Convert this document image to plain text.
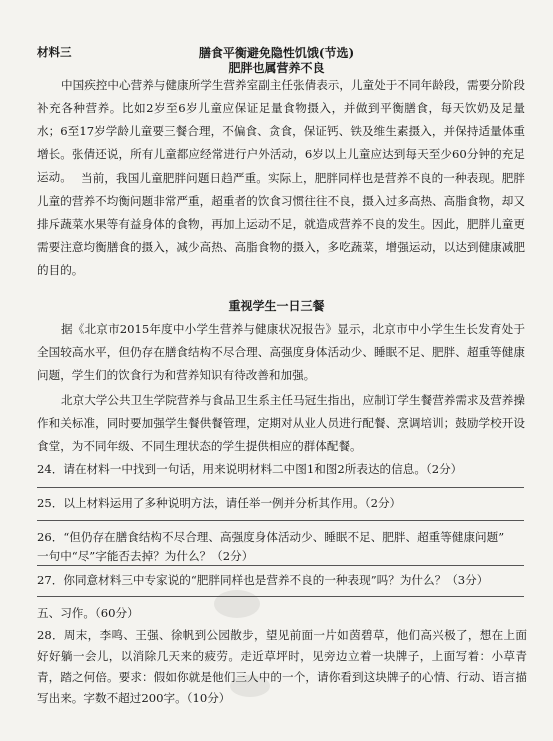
材料三	膳食平衡避免隐性饥饿(节选)
肥胖也属营养不良
中国疾控中心营养与健康所学生营养室副主任张倩表示，儿童处于不同年龄段，需要分阶段补充各种营养。比如2岁至6岁儿童应保证足量食物摄入，并做到平衡膳食，每天饮奶及足量水；6至17岁学龄儿童要三餐合理，不偏食、贪食，保证钙、铁及维生素摄入，并保持适量体重增长。张倩还说，所有儿童都应经常进行户外活动，6岁以上儿童应达到每天至少60分钟的充足运动。 当前，我国儿童肥胖问题日趋严重。实际上，肥胖同样也是营养不良的一种表现。肥胖儿童的营养不均衡问题非常严重，超重者的饮食习惯往往不良，摄入过多高热、高脂食物，却又排斥蔬菜水果等有益身体的食物，再加上运动不足，就造成营养不良的发生。因此，肥胖儿童更需要注意均衡膳食的摄入，减少高热、高脂食物的摄入，多吃蔬菜，增强运动，以达到健康减肥的目的。
重视学生一日三餐
据《北京市2015年度中小学生营养与健康状况报告》显示，北京市中小学生生长发育处于全国较高水平，但仍存在膳食结构不尽合理、高强度身体活动少、睡眠不足、肥胖、超重等健康问题，学生们的饮食行为和营养知识有待改善和加强。
北京大学公共卫生学院营养与食品卫生系主任马冠生指出，应制订学生餐营养需求及营养操作和关标准，同时要加强学生餐供餐管理，定期对从业人员进行配餐、烹调培训；鼓励学校开设食堂，为不同年级、不同生理状态的学生提供相应的群体配餐。
24．请在材料一中找到一句话，用来说明材料二中图1和图2所表达的信息。（2分）
25．以上材料运用了多种说明方法，请任举一例并分析其作用。（2分）
26．“但仍存在膳食结构不尽合理、高强度身体活动少、睡眠不足、肥胖、超重等健康问题”
一句中“尽”字能否去掉？为什么？（2分）
27．你同意材料三中专家说的“肥胖同样也是营养不良的一种表现”吗？为什么？（3分）
五、习作。（60分）
28．周末，李鸣、王强、徐帆到公园散步，望见前面一片如茵碧草，他们高兴极了，想在上面好好躺一会儿，以消除几天来的疲劳。走近草坪时，见旁边立着一块牌子，上面写着：小草青青，踏之何倍。要求：假如你就是他们三人中的一个，请你看到这块牌子的心情、行动、语言描写出来。字数不超过200字。（10分）
